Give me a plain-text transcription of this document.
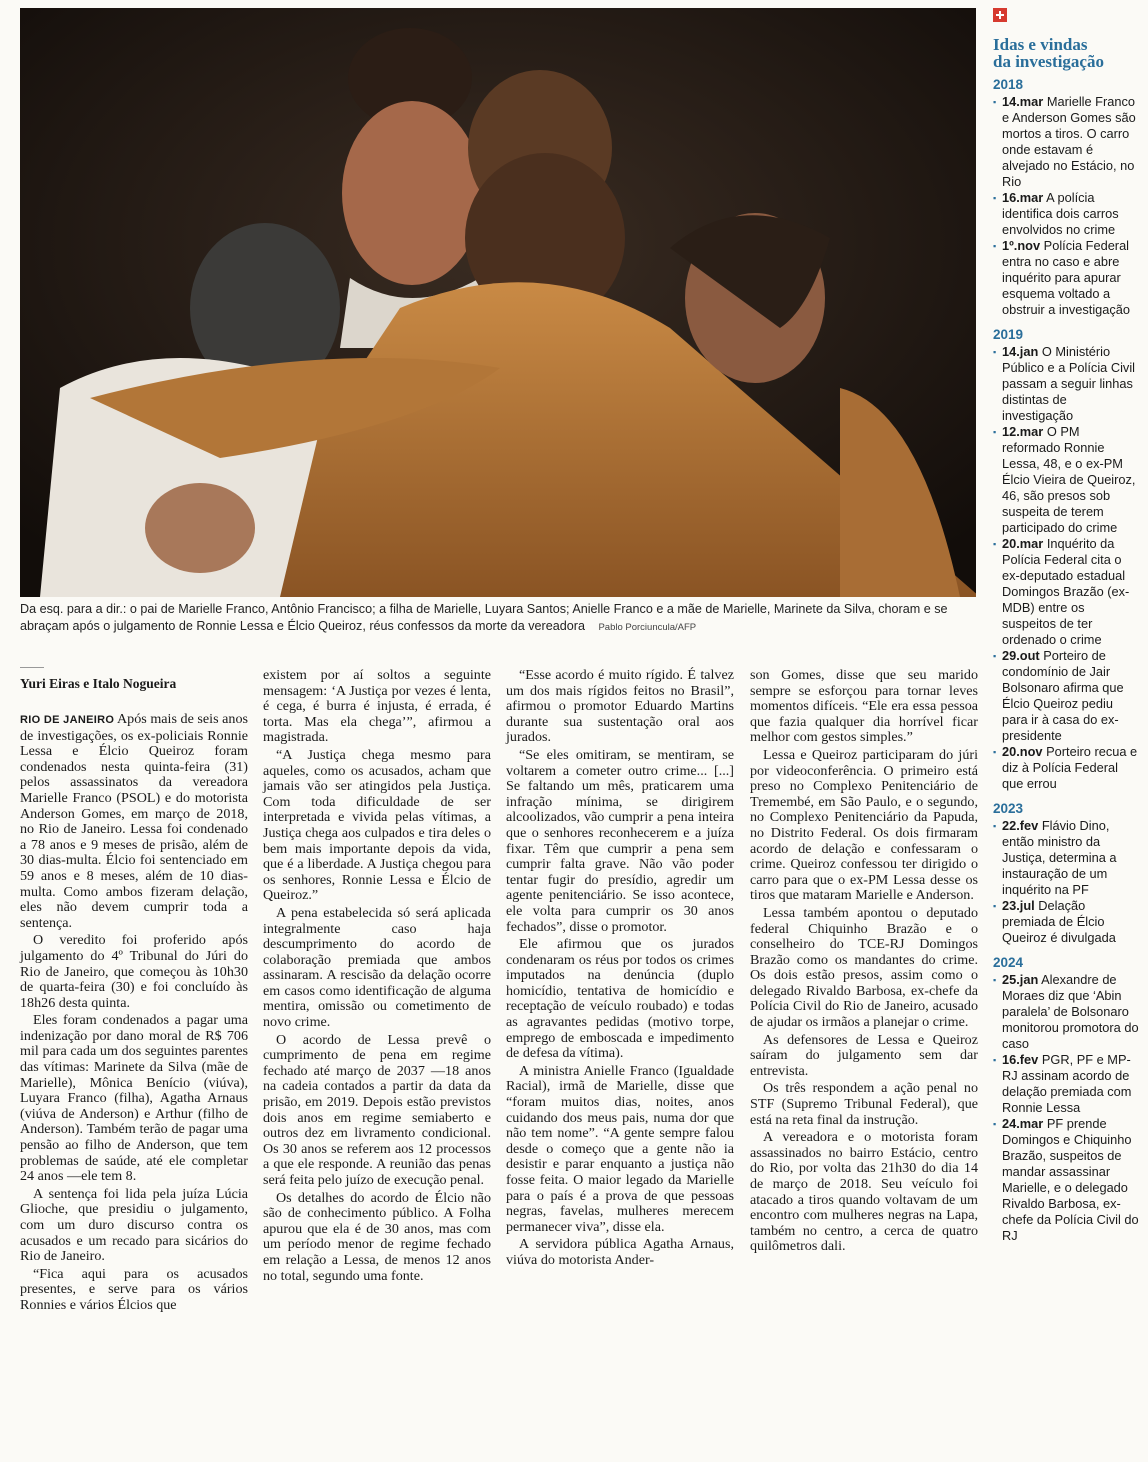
Da esq. para a dir.: o pai de Marielle Franco, Antônio Francisco; a filha de Marielle, Luyara Santos; Anielle Franco e a mãe de Marielle, Marinete da Silva, choram e se abraçam após o julgamento de Ronnie Lessa e Élcio Queiroz, réus confessos da morte da vereadora Pablo Porciuncula/AFP
Yuri Eiras e Italo Nogueira

RIO DE JANEIRO Após mais de seis anos de investigações, os ex-policiais Ronnie Lessa e Élcio Queiroz foram condenados nesta quinta-feira (31) pelos assassinatos da vereadora Marielle Franco (PSOL) e do motorista Anderson Gomes, em março de 2018, no Rio de Janeiro. Lessa foi condenado a 78 anos e 9 meses de prisão, além de 30 dias-multa. Élcio foi sentenciado em 59 anos e 8 meses, além de 10 dias-multa. Como ambos fizeram delação, eles não devem cumprir toda a sentença.

O veredito foi proferido após julgamento do 4º Tribunal do Júri do Rio de Janeiro, que começou às 10h30 de quarta-feira (30) e foi concluído às 18h26 desta quinta.

Eles foram condenados a pagar uma indenização por dano moral de R$ 706 mil para cada um dos seguintes parentes das vítimas: Marinete da Silva (mãe de Marielle), Mônica Benício (viúva), Luyara Franco (filha), Agatha Arnaus (viúva de Anderson) e Arthur (filho de Anderson). Também terão de pagar uma pensão ao filho de Anderson, que tem problemas de saúde, até ele completar 24 anos —ele tem 8.

A sentença foi lida pela juíza Lúcia Glioche, que presidiu o julgamento, com um duro discurso contra os acusados e um recado para sicários do Rio de Janeiro.

“Fica aqui para os acusados presentes, e serve para os vários Ronnies e vários Élcios que

existem por aí soltos a seguinte mensagem: ‘A Justiça por vezes é lenta, é cega, é burra é injusta, é errada, é torta. Mas ela chega’”, afirmou a magistrada.

“A Justiça chega mesmo para aqueles, como os acusados, acham que jamais vão ser atingidos pela Justiça. Com toda dificuldade de ser interpretada e vivida pelas vítimas, a Justiça chega aos culpados e tira deles o bem mais importante depois da vida, que é a liberdade. A Justiça chegou para os senhores, Ronnie Lessa e Élcio de Queiroz.”

A pena estabelecida só será aplicada integralmente caso haja descumprimento do acordo de colaboração premiada que ambos assinaram. A rescisão da delação ocorre em casos como identificação de alguma mentira, omissão ou cometimento de novo crime.

O acordo de Lessa prevê o cumprimento de pena em regime fechado até março de 2037 —18 anos na cadeia contados a partir da data da prisão, em 2019. Depois estão previstos dois anos em regime semiaberto e outros dez em livramento condicional. Os 30 anos se referem aos 12 processos a que ele responde. A reunião das penas será feita pelo juízo de execução penal.

Os detalhes do acordo de Élcio não são de conhecimento público. A Folha apurou que ela é de 30 anos, mas com um período menor de regime fechado em relação a Lessa, de menos 12 anos no total, segundo uma fonte.

“Esse acordo é muito rígido. É talvez um dos mais rígidos feitos no Brasil”, afirmou o promotor Eduardo Martins durante sua sustentação oral aos jurados.

“Se eles omitiram, se mentiram, se voltarem a cometer outro crime... [...] Se faltando um mês, praticarem uma infração mínima, se dirigirem alcoolizados, vão cumprir a pena inteira que o senhores reconhecerem e a juíza fixar. Têm que cumprir a pena sem cumprir falta grave. Não vão poder tentar fugir do presídio, agredir um agente penitenciário. Se isso acontece, ele volta para cumprir os 30 anos fechados”, disse o promotor.

Ele afirmou que os jurados condenaram os réus por todos os crimes imputados na denúncia (duplo homicídio, tentativa de homicídio e receptação de veículo roubado) e todas as agravantes pedidas (motivo torpe, emprego de emboscada e impedimento de defesa da vítima).

A ministra Anielle Franco (Igualdade Racial), irmã de Marielle, disse que “foram muitos dias, noites, anos cuidando dos meus pais, numa dor que não tem nome”. “A gente sempre falou desde o começo que a gente não ia desistir e parar enquanto a justiça não fosse feita. O maior legado da Marielle para o país é a prova de que pessoas negras, favelas, mulheres merecem permanecer viva”, disse ela.

A servidora pública Agatha Arnaus, viúva do motorista Ander-

son Gomes, disse que seu marido sempre se esforçou para tornar leves momentos difíceis. “Ele era essa pessoa que fazia qualquer dia horrível ficar melhor com gestos simples.”

Lessa e Queiroz participaram do júri por videoconferência. O primeiro está preso no Complexo Penitenciário de Tremembé, em São Paulo, e o segundo, no Complexo Penitenciário da Papuda, no Distrito Federal. Os dois firmaram acordo de delação e confessaram o crime. Queiroz confessou ter dirigido o carro para que o ex-PM Lessa desse os tiros que mataram Marielle e Anderson.

Lessa também apontou o deputado federal Chiquinho Brazão e o conselheiro do TCE-RJ Domingos Brazão como os mandantes do crime. Os dois estão presos, assim como o delegado Rivaldo Barbosa, ex-chefe da Polícia Civil do Rio de Janeiro, acusado de ajudar os irmãos a planejar o crime.

As defensores de Lessa e Queiroz saíram do julgamento sem dar entrevista.

Os três respondem a ação penal no STF (Supremo Tribunal Federal), que está na reta final da instrução.

A vereadora e o motorista foram assassinados no bairro Estácio, centro do Rio, por volta das 21h30 do dia 14 de março de 2018. Seu veículo foi atacado a tiros quando voltavam de um encontro com mulheres negras na Lapa, também no centro, a cerca de quatro quilômetros dali.

Idas e vindas
da investigação
2018
▪ 14.mar Marielle Franco e Anderson Gomes são mortos a tiros. O carro onde estavam é alvejado no Estácio, no Rio
▪ 16.mar A polícia identifica dois carros envolvidos no crime
▪ 1º.nov Polícia Federal entra no caso e abre inquérito para apurar esquema voltado a obstruir a investigação
2019
▪ 14.jan O Ministério Público e a Polícia Civil passam a seguir linhas distintas de investigação
▪ 12.mar O PM reformado Ronnie Lessa, 48, e o ex-PM Élcio Vieira de Queiroz, 46, são presos sob suspeita de terem participado do crime
▪ 20.mar Inquérito da Polícia Federal cita o ex-deputado estadual Domingos Brazão (ex-MDB) entre os suspeitos de ter ordenado o crime
▪ 29.out Porteiro de condomínio de Jair Bolsonaro afirma que Élcio Queiroz pediu para ir à casa do ex-presidente
▪ 20.nov Porteiro recua e diz à Polícia Federal que errou
2023
▪ 22.fev Flávio Dino, então ministro da Justiça, determina a instauração de um inquérito na PF
▪ 23.jul Delação premiada de Élcio Queiroz é divulgada
2024
▪ 25.jan Alexandre de Moraes diz que ‘Abin paralela’ de Bolsonaro monitorou promotora do caso
▪ 16.fev PGR, PF e MP-RJ assinam acordo de delação premiada com Ronnie Lessa
▪ 24.mar PF prende Domingos e Chiquinho Brazão, suspeitos de mandar assassinar Marielle, e o delegado Rivaldo Barbosa, ex-chefe da Polícia Civil do RJ
